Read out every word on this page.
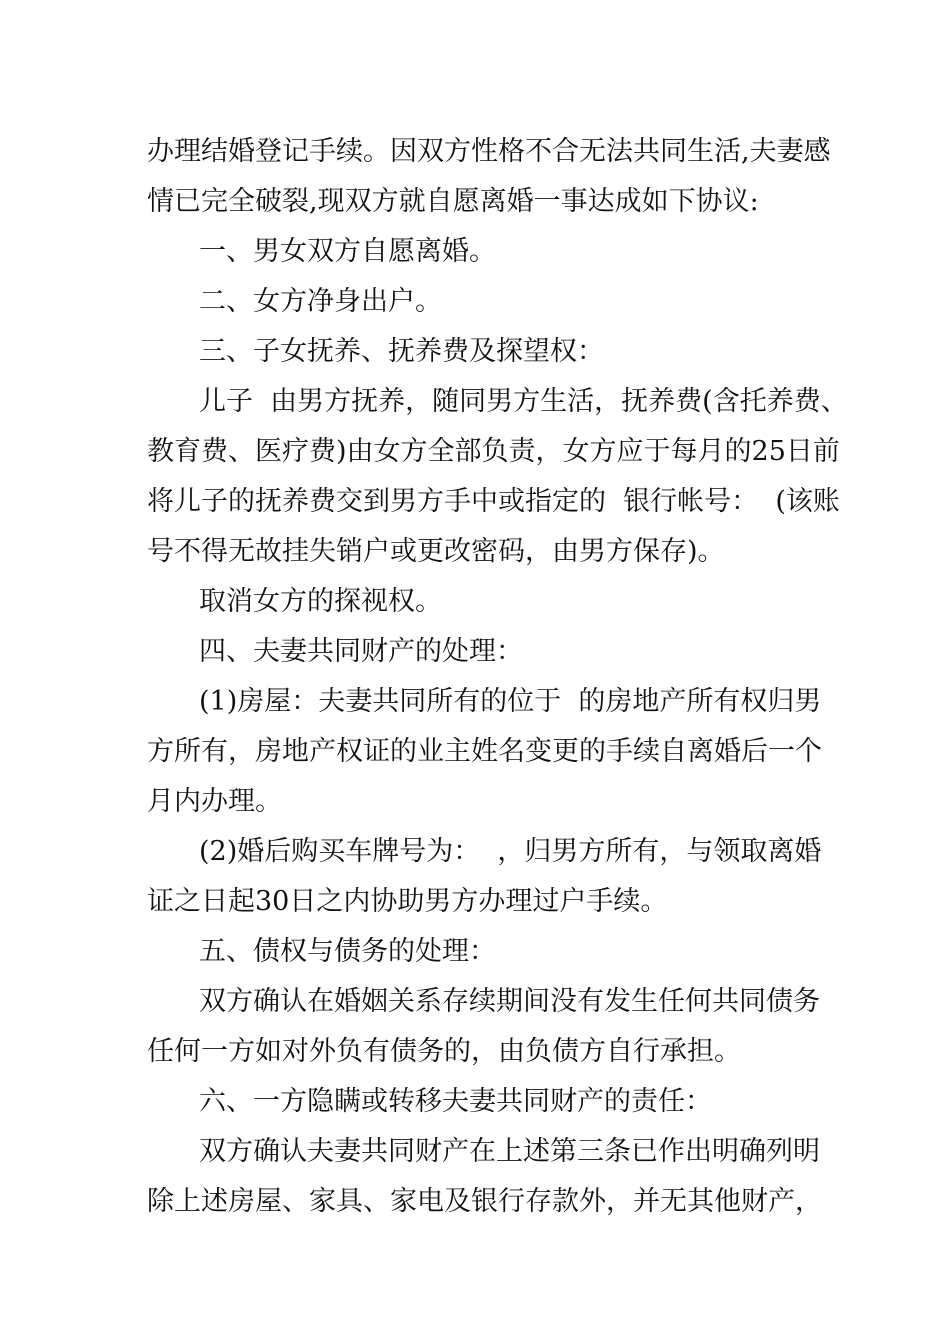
办理结婚登记手续。因双方性格不合无法共同生活,夫妻感
情已完全破裂,现双方就自愿离婚一事达成如下协议:
一、男女双方自愿离婚。
二、女方净身出户。
三、子女抚养、抚养费及探望权：
儿子  由男方抚养，随同男方生活，抚养费(含托养费、
教育费、医疗费)由女方全部负责，女方应于每月的25日前
将儿子的抚养费交到男方手中或指定的  银行帐号：  (该账
号不得无故挂失销户或更改密码，由男方保存)。
取消女方的探视权。
四、夫妻共同财产的处理：
(1)房屋：夫妻共同所有的位于  的房地产所有权归男
方所有，房地产权证的业主姓名变更的手续自离婚后一个
月内办理。
(2)婚后购买车牌号为：  ，归男方所有，与领取离婚
证之日起30日之内协助男方办理过户手续。
五、债权与债务的处理：
双方确认在婚姻关系存续期间没有发生任何共同债务
任何一方如对外负有债务的，由负债方自行承担。
六、一方隐瞒或转移夫妻共同财产的责任：
双方确认夫妻共同财产在上述第三条已作出明确列明
除上述房屋、家具、家电及银行存款外，并无其他财产，
